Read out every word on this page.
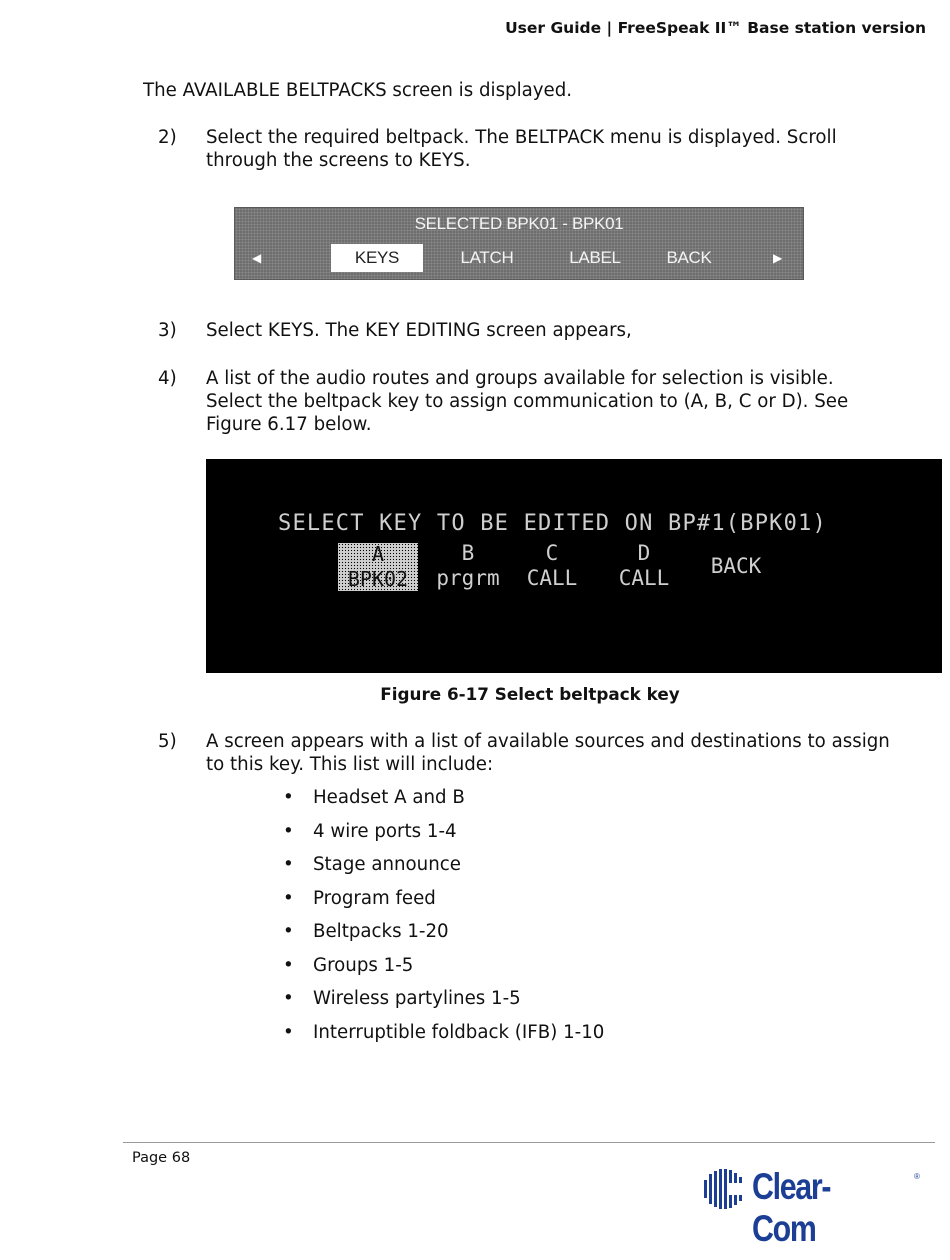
User Guide | FreeSpeak II™ Base station version
The AVAILABLE BELTPACKS screen is displayed.
2) Select the required beltpack. The BELTPACK menu is displayed. Scroll
through the screens to KEYS.
SELECTED BPK01 - BPK01
◀	KEYS	LATCH	LABEL	BACK	▶
3) Select KEYS. The KEY EDITING screen appears,
4) A list of the audio routes and groups available for selection is visible.
Select the beltpack key to assign communication to (A, B, C or D). See
Figure 6.17 below.
SELECT KEY TO BE EDITED ON BP#1(BPK01)
A
BPK02
B
prgrm
C
CALL
D
CALL	BACK
Figure 6-17 Select beltpack key
5) A screen appears with a list of available sources and destinations to assign
to this key. This list will include:
• Headset A and B
• 4 wire ports 1-4
• Stage announce
• Program feed
• Beltpacks 1-20
• Groups 1-5
• Wireless partylines 1-5
• Interruptible foldback (IFB) 1-10
Page 68
Clear-Com
®
